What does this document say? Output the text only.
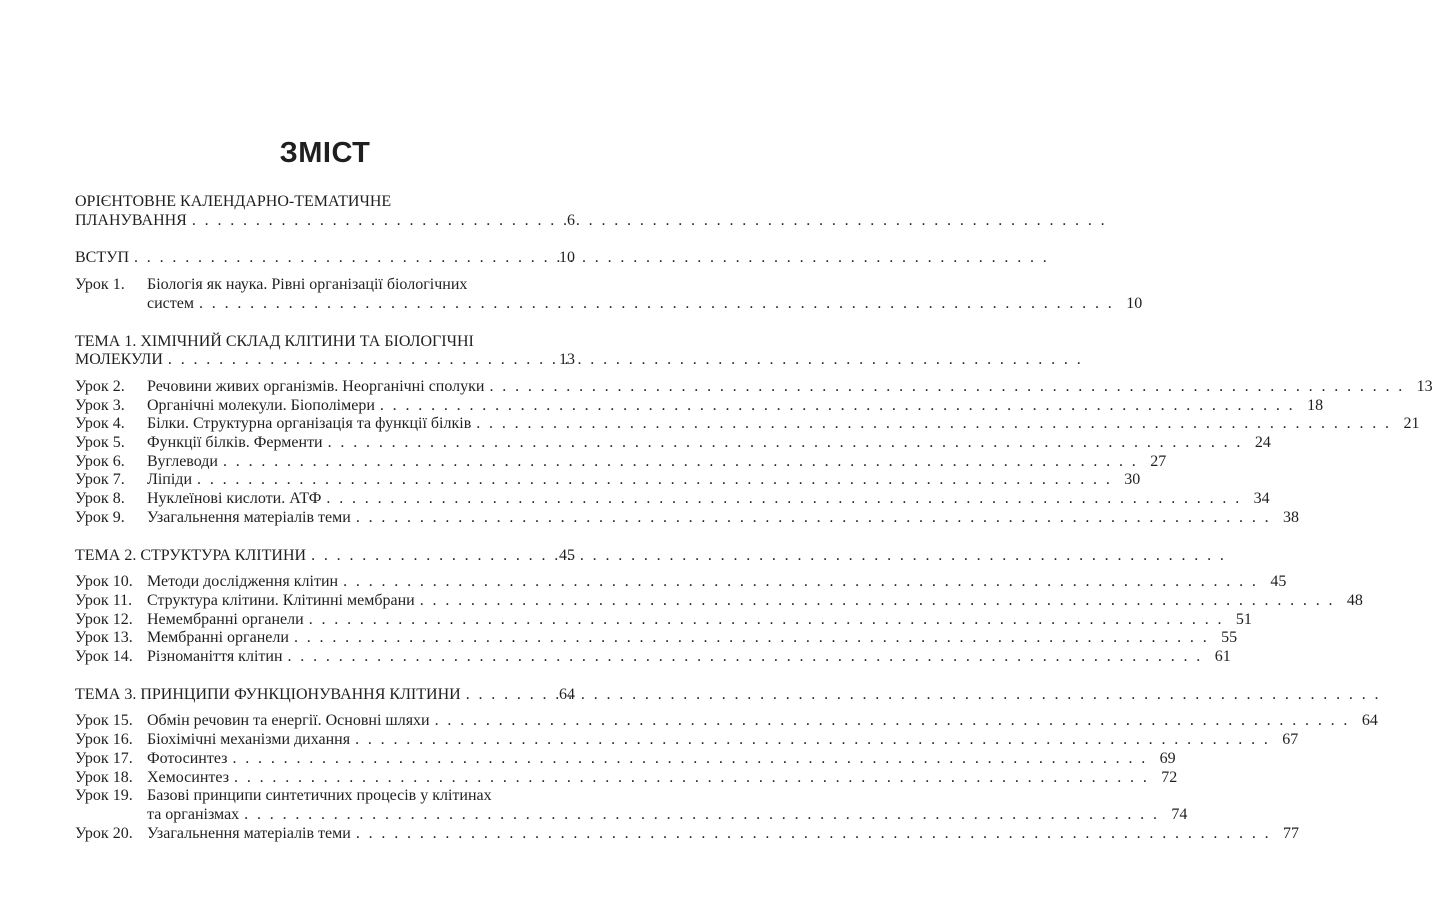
ЗМІСТ
ОРІЄНТОВНЕ КАЛЕНДАРНО-ТЕМАТИЧНЕ
ПЛАНУВАННЯ . . .	6
ВСТУП . . .	10
Урок 1.	Біологія як наука. Рівні організації біологічних
систем . . .	10
ТЕМА 1. ХІМІЧНИЙ СКЛАД КЛІТИНИ ТА БІОЛОГІЧНІ
МОЛЕКУЛИ . . .	13
Урок 2.	Речовини живих організмів. Неорганічні сполуки . . .	13
Урок 3.	Органічні молекули. Біополімери . . .	18
Урок 4.	Білки. Структурна організація та функції білків . . .	21
Урок 5.	Функції білків. Ферменти . . .	24
Урок 6.	Вуглеводи . . .	27
Урок 7.	Ліпіди . . .	30
Урок 8.	Нуклеїнові кислоти. АТФ . . .	34
Урок 9.	Узагальнення матеріалів теми . . .	38
ТЕМА 2. СТРУКТУРА КЛІТИНИ . . .	45
Урок 10. Методи дослідження клітин . . .	45
Урок 11. Структура клітини. Клітинні мембрани . . .	48
Урок 12. Немембранні органели . . .	51
Урок 13. Мембранні органели . . .	55
Урок 14. Різноманіття клітин . . .	61
ТЕМА 3. ПРИНЦИПИ ФУНКЦІОНУВАННЯ КЛІТИНИ . . .	64
Урок 15. Обмін речовин та енергії. Основні шляхи . . .	64
Урок 16. Біохімічні механізми дихання . . .	67
Урок 17. Фотосинтез . . .	69
Урок 18. Хемосинтез . . .	72
Урок 19. Базові принципи синтетичних процесів у клітинах
та організмах . . .	74
Урок 20. Узагальнення матеріалів теми . . .	77
